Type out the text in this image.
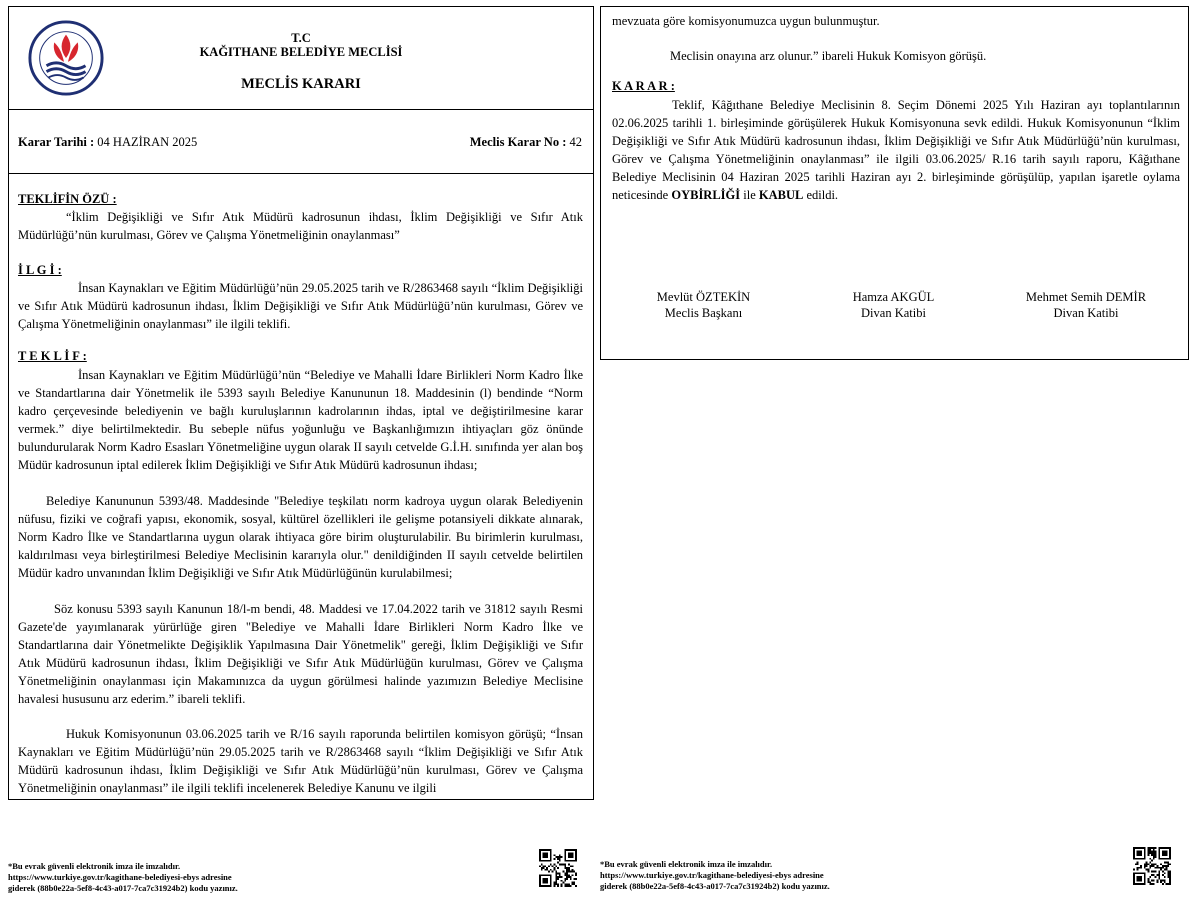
T.C
KAĞITHANE BELEDİYE MECLİSİ
MECLİS KARARI
Karar Tarihi : 04 HAZİRAN 2025	Meclis Karar No : 42
TEKLİFİN ÖZÜ :

“İklim Değişikliği ve Sıfır Atık Müdürü kadrosunun ihdası, İklim Değişikliği ve Sıfır Atık Müdürlüğü’nün kurulması, Görev ve Çalışma Yönetmeliğinin onaylanması”

İ L G İ :

İnsan Kaynakları ve Eğitim Müdürlüğü’nün 29.05.2025 tarih ve R/2863468 sayılı “İklim Değişikliği ve Sıfır Atık Müdürü kadrosunun ihdası, İklim Değişikliği ve Sıfır Atık Müdürlüğü’nün kurulması, Görev ve Çalışma Yönetmeliğinin onaylanması” ile ilgili teklifi.

T E K L İ F :

İnsan Kaynakları ve Eğitim Müdürlüğü’nün “Belediye ve Mahalli İdare Birlikleri Norm Kadro İlke ve Standartlarına dair Yönetmelik ile 5393 sayılı Belediye Kanununun 18. Maddesinin (l) bendinde “Norm kadro çerçevesinde belediyenin ve bağlı kuruluşlarının kadrolarının ihdas, iptal ve değiştirilmesine karar vermek.” diye belirtilmektedir. Bu sebeple nüfus yoğunluğu ve Başkanlığımızın ihtiyaçları göz önünde bulundurularak Norm Kadro Esasları Yönetmeliğine uygun olarak II sayılı cetvelde G.İ.H. sınıfında yer alan boş Müdür kadrosunun iptal edilerek İklim Değişikliği ve Sıfır Atık Müdürü kadrosunun ihdası;

Belediye Kanununun 5393/48. Maddesinde "Belediye teşkilatı norm kadroya uygun olarak Belediyenin nüfusu, fiziki ve coğrafi yapısı, ekonomik, sosyal, kültürel özellikleri ile gelişme potansiyeli dikkate alınarak, Norm Kadro İlke ve Standartlarına uygun olarak ihtiyaca göre birim oluşturulabilir. Bu birimlerin kurulması, kaldırılması veya birleştirilmesi Belediye Meclisinin kararıyla olur." denildiğinden II sayılı cetvelde belirtilen Müdür kadro unvanından İklim Değişikliği ve Sıfır Atık Müdürlüğünün kurulabilmesi;

Söz konusu 5393 sayılı Kanunun 18/l-m bendi, 48. Maddesi ve 17.04.2022 tarih ve 31812 sayılı Resmi Gazete'de yayımlanarak yürürlüğe giren "Belediye ve Mahalli İdare Birlikleri Norm Kadro İlke ve Standartlarına dair Yönetmelikte Değişiklik Yapılmasına Dair Yönetmelik" gereği, İklim Değişikliği ve Sıfır Atık Müdürü kadrosunun ihdası, İklim Değişikliği ve Sıfır Atık Müdürlüğün kurulması, Görev ve Çalışma Yönetmeliğinin onaylanması için Makamınızca da uygun görülmesi halinde yazımızın Belediye Meclisine havalesi hususunu arz ederim.” ibareli teklifi.

Hukuk Komisyonunun 03.06.2025 tarih ve R/16 sayılı raporunda belirtilen komisyon görüşü; “İnsan Kaynakları ve Eğitim Müdürlüğü’nün 29.05.2025 tarih ve R/2863468 sayılı “İklim Değişikliği ve Sıfır Atık Müdürü kadrosunun ihdası, İklim Değişikliği ve Sıfır Atık Müdürlüğü’nün kurulması, Görev ve Çalışma Yönetmeliğinin onaylanması” ile ilgili teklifi incelenerek Belediye Kanunu ve ilgili

mevzuata göre komisyonumuzca uygun bulunmuştur.

Meclisin onayına arz olunur.” ibareli Hukuk Komisyon görüşü.

K A R A R :

Teklif, Kâğıthane Belediye Meclisinin 8. Seçim Dönemi 2025 Yılı Haziran ayı toplantılarının 02.06.2025 tarihli 1. birleşiminde görüşülerek Hukuk Komisyonuna sevk edildi. Hukuk Komisyonunun “İklim Değişikliği ve Sıfır Atık Müdürü kadrosunun ihdası, İklim Değişikliği ve Sıfır Atık Müdürlüğü’nün kurulması, Görev ve Çalışma Yönetmeliğinin onaylanması” ile ilgili 03.06.2025/ R.16 tarih sayılı raporu, Kâğıthane Belediye Meclisinin 04 Haziran 2025 tarihli Haziran ayı 2. birleşiminde görüşülüp, yapılan işaretle oylama neticesinde OYBİRLİĞİ ile KABUL edildi.

Mevlüt ÖZTEKİN
Meclis Başkanı
Hamza AKGÜL
Divan Katibi
Mehmet Semih DEMİR
Divan Katibi
*Bu evrak güvenli elektronik imza ile imzalıdır.
https://www.turkiye.gov.tr/kagithane-belediyesi-ebys adresine
giderek (88b0e22a-5ef8-4c43-a017-7ca7c31924b2) kodu yazınız.
*Bu evrak güvenli elektronik imza ile imzalıdır.
https://www.turkiye.gov.tr/kagithane-belediyesi-ebys adresine
giderek (88b0e22a-5ef8-4c43-a017-7ca7c31924b2) kodu yazınız.
